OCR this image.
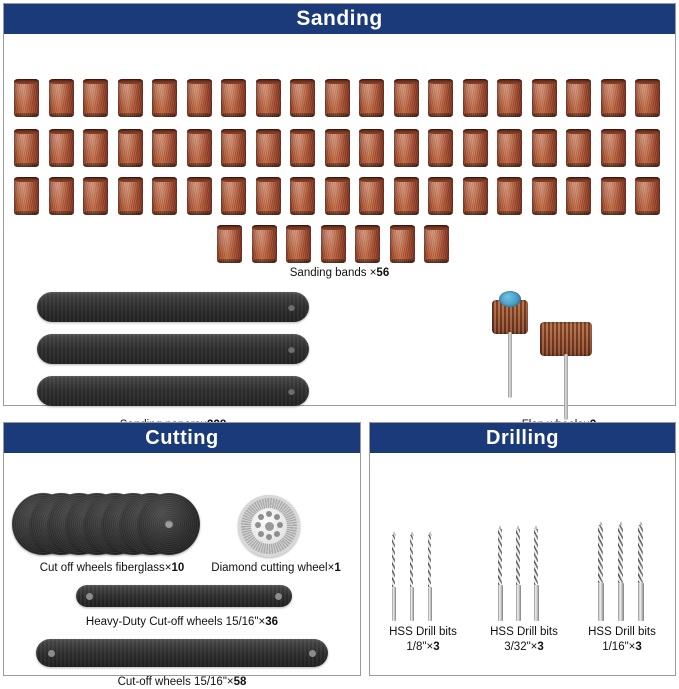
Sanding
Sanding bands ×56
Cutting
Cut off wheels fiberglass×10	Diamond cutting wheel×1
Heavy-Duty Cut-off wheels 15/16"×36
Cut-off wheels 15/16"×58
Drilling
HSS Drill bits
1/8"×3
HSS Drill bits
3/32"×3
HSS Drill bits
1/16"×3
